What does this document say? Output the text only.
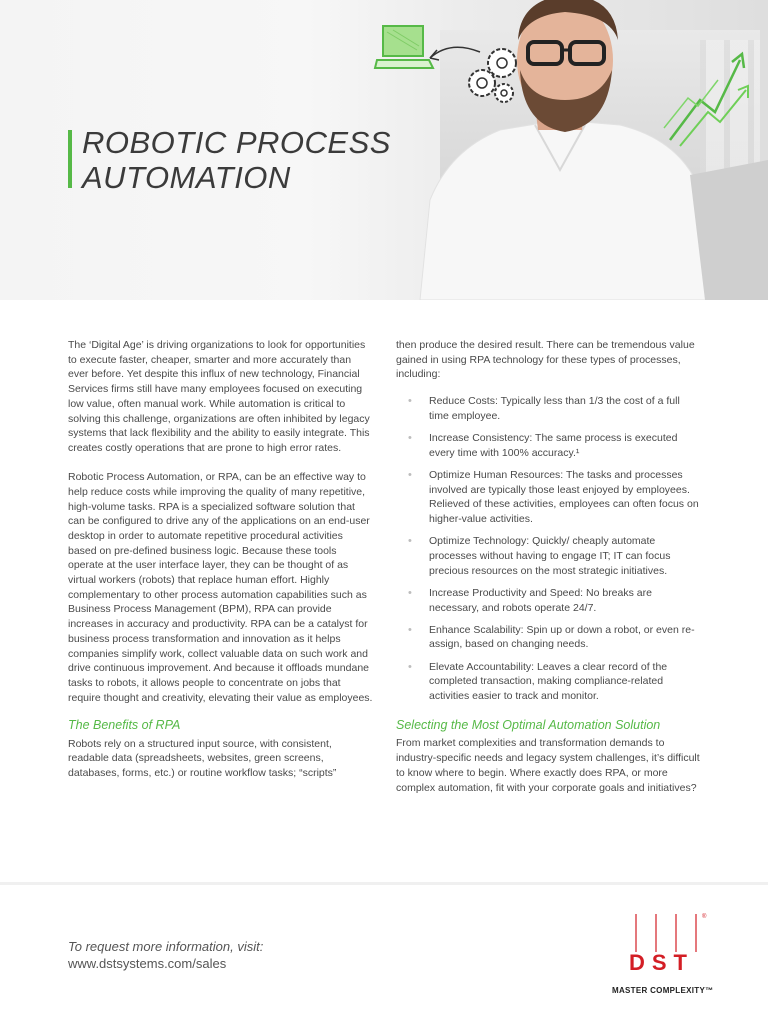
ROBOTIC PROCESS
AUTOMATION

The ‘Digital Age’ is driving organizations to look for opportunities to execute faster, cheaper, smarter and more accurately than ever before. Yet despite this influx of new technology, Financial Services firms still have many employees focused on executing low value, often manual work. While automation is critical to solving this challenge, organizations are often inhibited by legacy systems that lack flexibility and the ability to easily integrate. This creates costly operations that are prone to high error rates.

Robotic Process Automation, or RPA, can be an effective way to help reduce costs while improving the quality of many repetitive, high-volume tasks. RPA is a specialized software solution that can be configured to drive any of the applications on an end-user desktop in order to automate repetitive procedural activities based on pre-defined business logic. Because these tools operate at the user interface layer, they can be thought of as virtual workers (robots) that replace human effort. Highly complementary to other process automation capabilities such as Business Process Management (BPM), RPA can provide increases in accuracy and productivity. RPA can be a catalyst for business process transformation and innovation as it helps companies simplify work, collect valuable data on such work and drive continuous improvement. And because it offloads mundane tasks to robots, it allows people to concentrate on jobs that require thought and creativity, elevating their value as employees.

The Benefits of RPA

Robots rely on a structured input source, with consistent, readable data (spreadsheets, websites, green screens, databases, forms, etc.) or routine workflow tasks; “scripts”

then produce the desired result. There can be tremendous value gained in using RPA technology for these types of processes, including:

• Reduce Costs: Typically less than 1/3 the cost of a full time employee.
• Increase Consistency: The same process is executed every time with 100% accuracy.¹
• Optimize Human Resources: The tasks and processes involved are typically those least enjoyed by employees. Relieved of these activities, employees can often focus on higher-value activities.
• Optimize Technology: Quickly/ cheaply automate processes without having to engage IT; IT can focus precious resources on the most strategic initiatives.
• Increase Productivity and Speed: No breaks are necessary, and robots operate 24/7.
• Enhance Scalability: Spin up or down a robot, or even re-assign, based on changing needs.
• Elevate Accountability: Leaves a clear record of the completed transaction, making compliance-related activities easier to track and monitor.
Selecting the Most Optimal Automation Solution

From market complexities and transformation demands to industry-specific needs and legacy system challenges, it’s difficult to know where to begin. Where exactly does RPA, or more complex automation, fit with your corporate goals and initiatives?

To request more information, visit:
www.dstsystems.com/sales
®
DST
MASTER COMPLEXITY™
